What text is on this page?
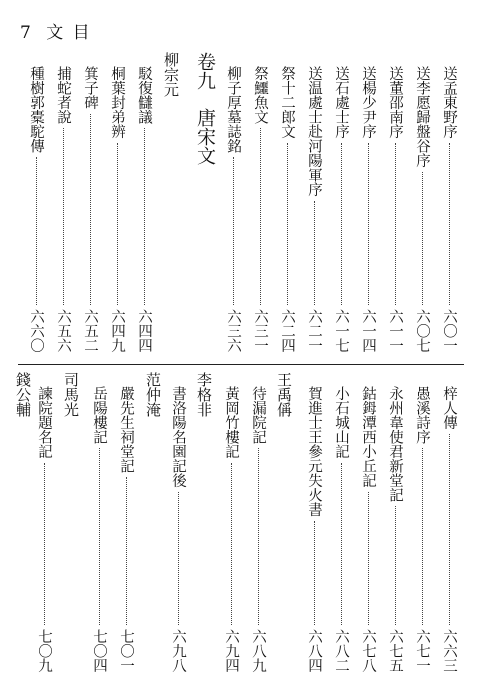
7 文 目
送孟東野序
六〇一
送李愿歸盤谷序
六〇七
送董邵南序
六一一
送楊少尹序
六一四
送石處士序
六一七
送温處士赴河陽軍序
六二一
祭十二郎文
六二四
祭鱷魚文
六三一
柳子厚墓誌銘
六三六
卷九唐宋文
柳宗元
駁復讎議
六四四
桐葉封弟辨
六四九
箕子碑
六五二
捕蛇者說
六五六
種樹郭橐駝傳
六六〇
梓人傳
六六三
愚溪詩序
六七一
永州韋使君新堂記
六七五
鈷鉧潭西小丘記
六七八
小石城山記
六八二
賀進士王參元失火書
六八四
王禹偁
待漏院記
六八九
黃岡竹樓記
六九四
李格非
書洛陽名園記後
六九八
范仲淹
嚴先生祠堂記
七〇一
岳陽樓記
七〇四
司馬光
諫院題名記
七〇九
錢公輔
